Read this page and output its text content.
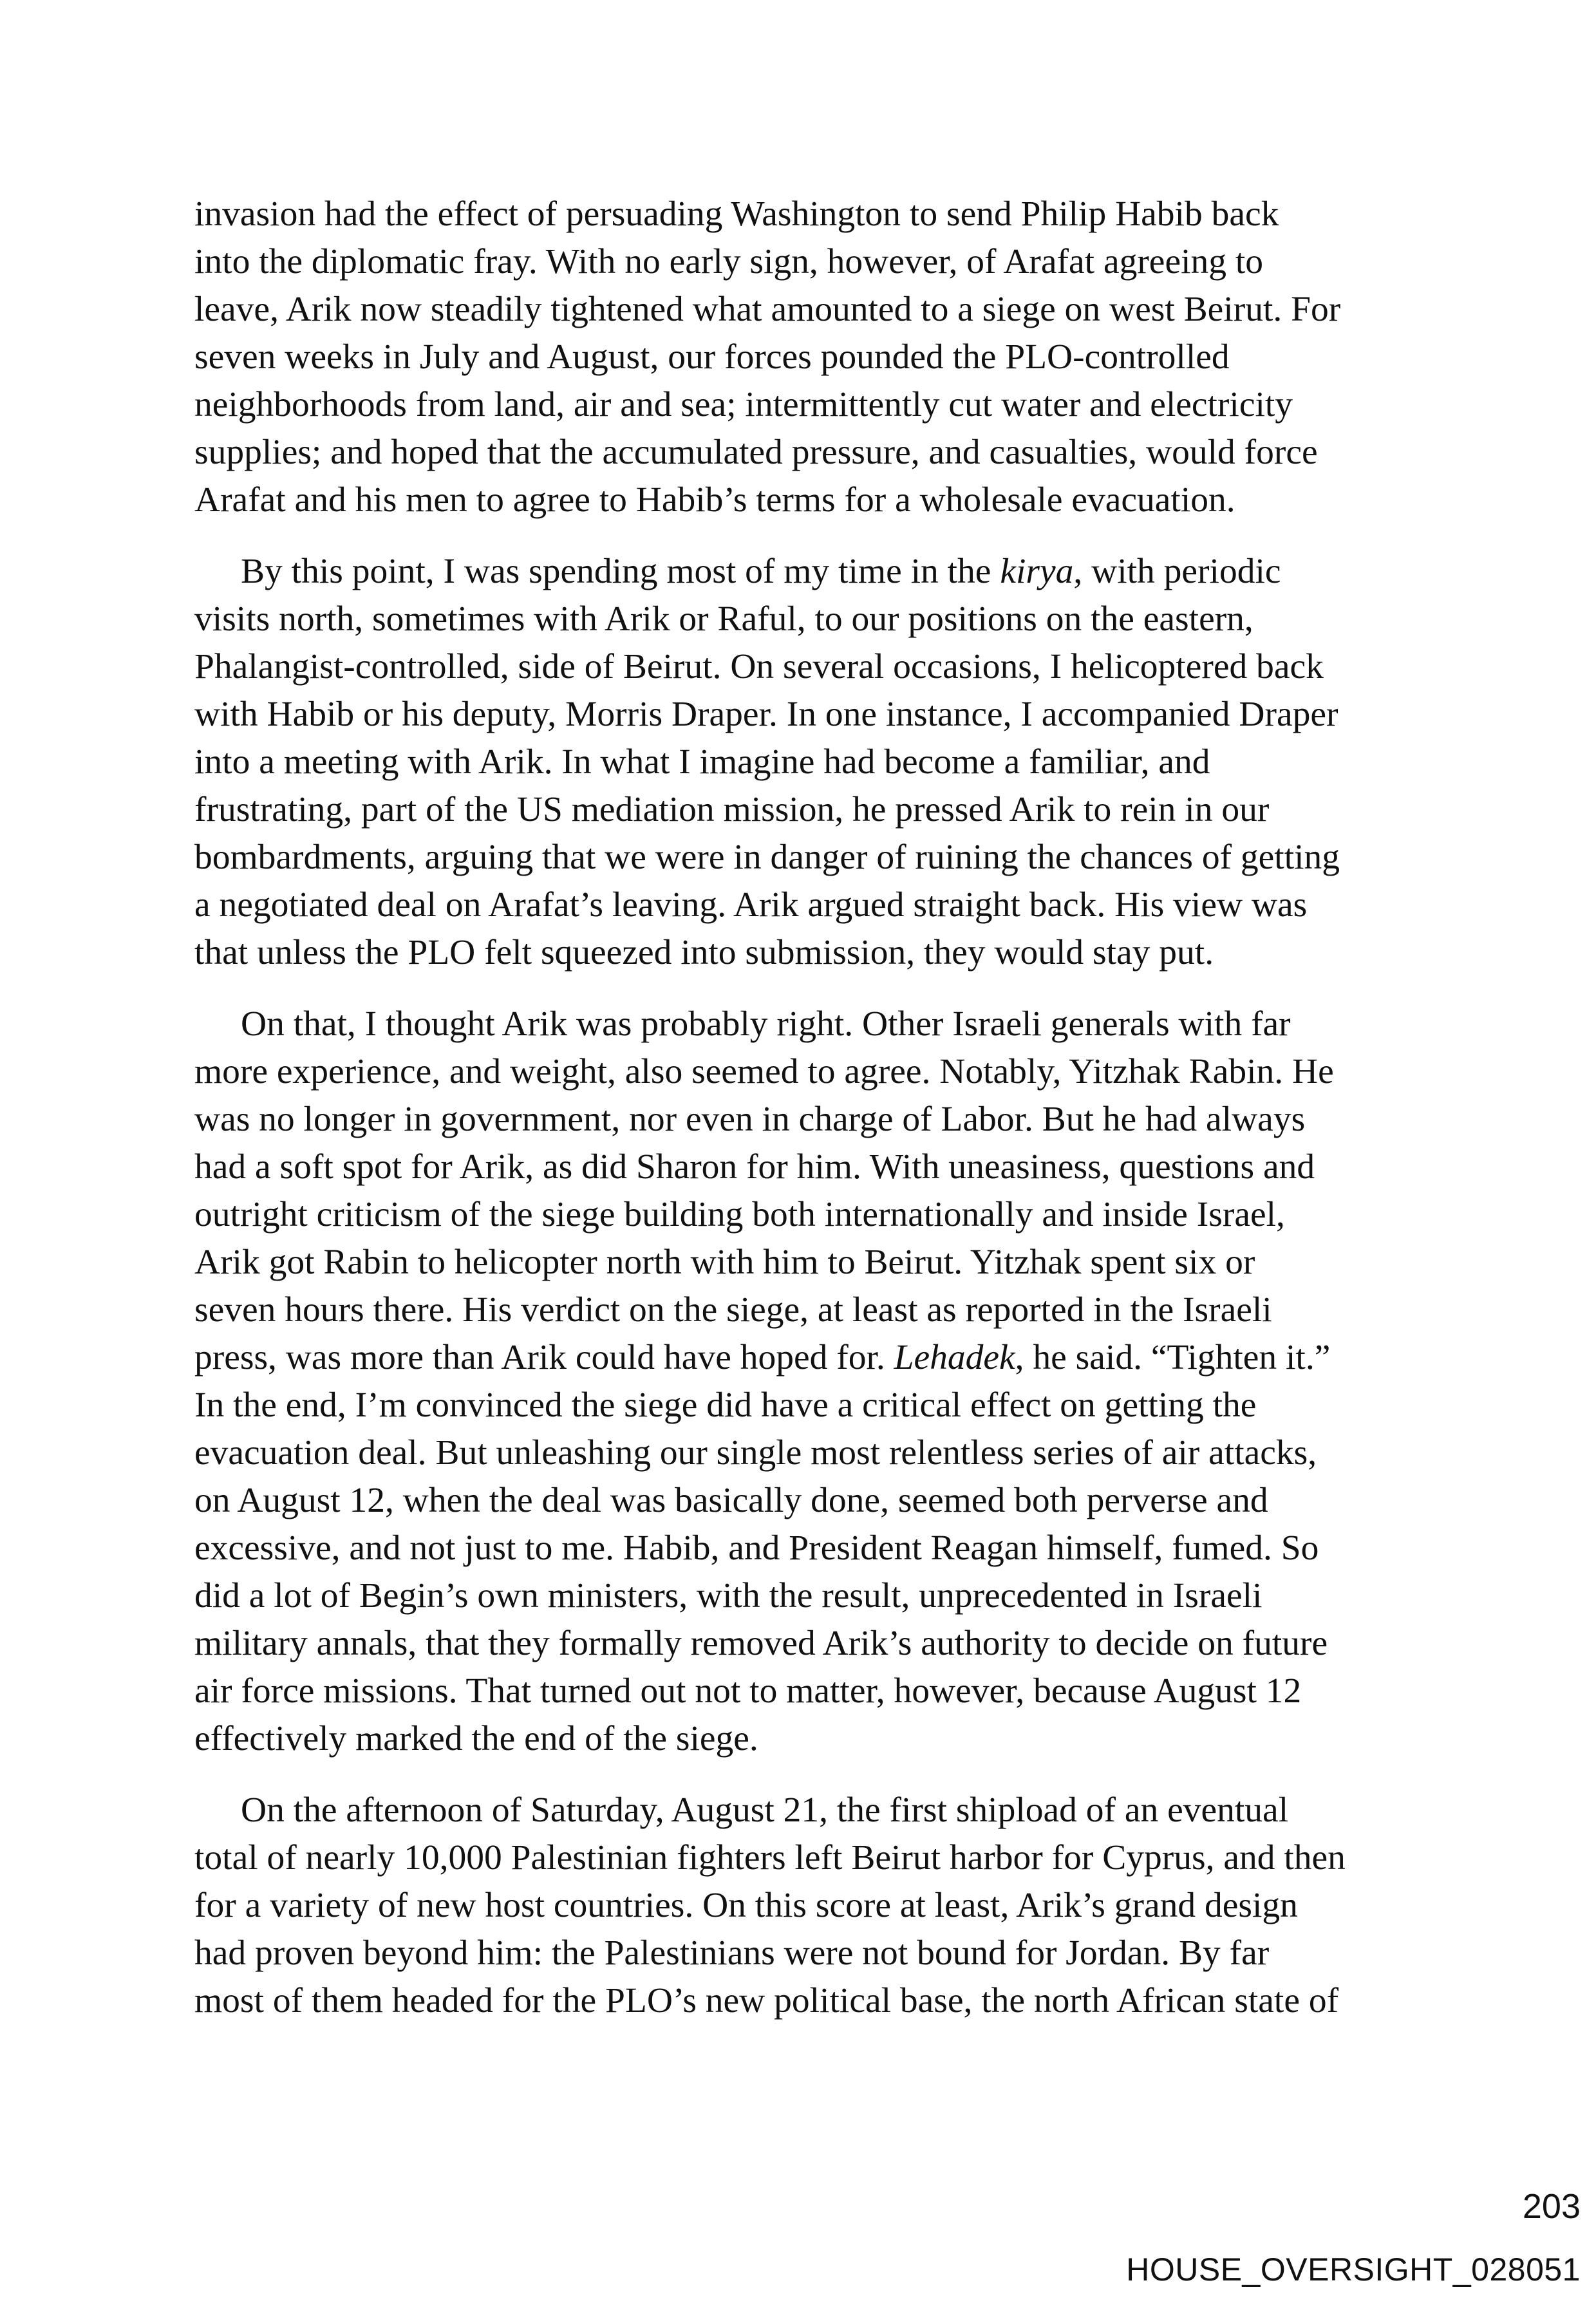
invasion had the effect of persuading Washington to send Philip Habib back
into the diplomatic fray. With no early sign, however, of Arafat agreeing to
leave, Arik now steadily tightened what amounted to a siege on west Beirut. For
seven weeks in July and August, our forces pounded the PLO-controlled
neighborhoods from land, air and sea; intermittently cut water and electricity
supplies; and hoped that the accumulated pressure, and casualties, would force
Arafat and his men to agree to Habib’s terms for a wholesale evacuation.
By this point, I was spending most of my time in the kirya, with periodic
visits north, sometimes with Arik or Raful, to our positions on the eastern,
Phalangist-controlled, side of Beirut. On several occasions, I helicoptered back
with Habib or his deputy, Morris Draper. In one instance, I accompanied Draper
into a meeting with Arik. In what I imagine had become a familiar, and
frustrating, part of the US mediation mission, he pressed Arik to rein in our
bombardments, arguing that we were in danger of ruining the chances of getting
a negotiated deal on Arafat’s leaving. Arik argued straight back. His view was
that unless the PLO felt squeezed into submission, they would stay put.
On that, I thought Arik was probably right. Other Israeli generals with far
more experience, and weight, also seemed to agree. Notably, Yitzhak Rabin. He
was no longer in government, nor even in charge of Labor. But he had always
had a soft spot for Arik, as did Sharon for him. With uneasiness, questions and
outright criticism of the siege building both internationally and inside Israel,
Arik got Rabin to helicopter north with him to Beirut. Yitzhak spent six or
seven hours there. His verdict on the siege, at least as reported in the Israeli
press, was more than Arik could have hoped for. Lehadek, he said. “Tighten it.”
In the end, I’m convinced the siege did have a critical effect on getting the
evacuation deal. But unleashing our single most relentless series of air attacks,
on August 12, when the deal was basically done, seemed both perverse and
excessive, and not just to me. Habib, and President Reagan himself, fumed. So
did a lot of Begin’s own ministers, with the result, unprecedented in Israeli
military annals, that they formally removed Arik’s authority to decide on future
air force missions. That turned out not to matter, however, because August 12
effectively marked the end of the siege.
On the afternoon of Saturday, August 21, the first shipload of an eventual
total of nearly 10,000 Palestinian fighters left Beirut harbor for Cyprus, and then
for a variety of new host countries. On this score at least, Arik’s grand design
had proven beyond him: the Palestinians were not bound for Jordan. By far
most of them headed for the PLO’s new political base, the north African state of
203
HOUSE_OVERSIGHT_028051
